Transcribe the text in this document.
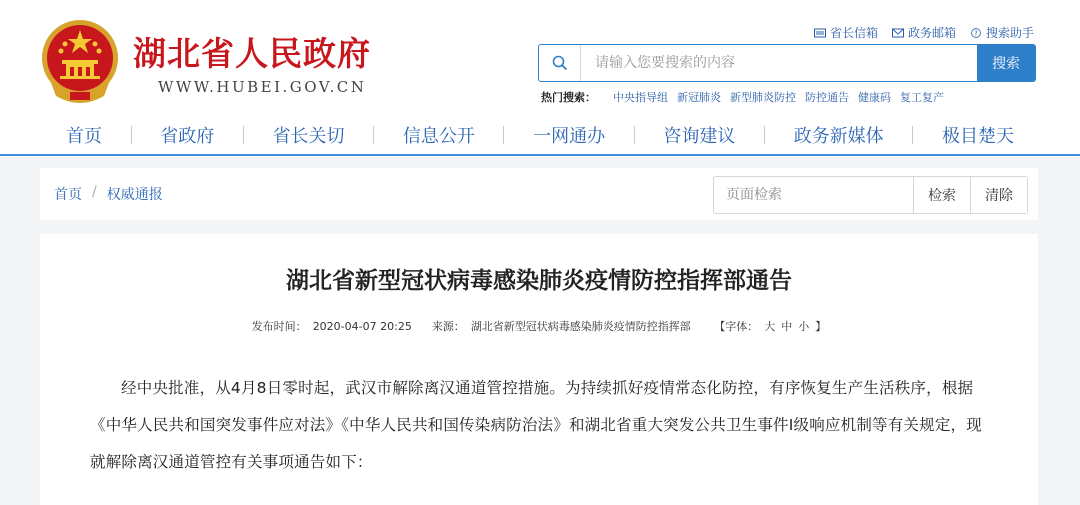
湖北省人民政府
WWW.HUBEI.GOV.CN
省长信箱	政务邮箱 ? 搜索助手
请输入您要搜索的内容
搜索
热门搜索： 中央指导组 新冠肺炎 新型肺炎防控 防控通告 健康码 复工复产
首页	省政府	省长关切	信息公开	一网通办	咨询建议	政务新媒体	极目楚天
首页 / 权威通报
页面检索	检索	清除
湖北省新型冠状病毒感染肺炎疫情防控指挥部通告
发布时间： 2020-04-07 20:25 来源： 湖北省新型冠状病毒感染肺炎疫情防控指挥部 【字体： 大 中 小 】

经中央批准，从4月8日零时起，武汉市解除离汉通道管控措施。为持续抓好疫情常态化防控，有序恢复生产生活秩序，根据《中华人民共和国突发事件应对法》《中华人民共和国传染病防治法》和湖北省重大突发公共卫生事件I级响应机制等有关规定，现就解除离汉通道管控有关事项通告如下：
